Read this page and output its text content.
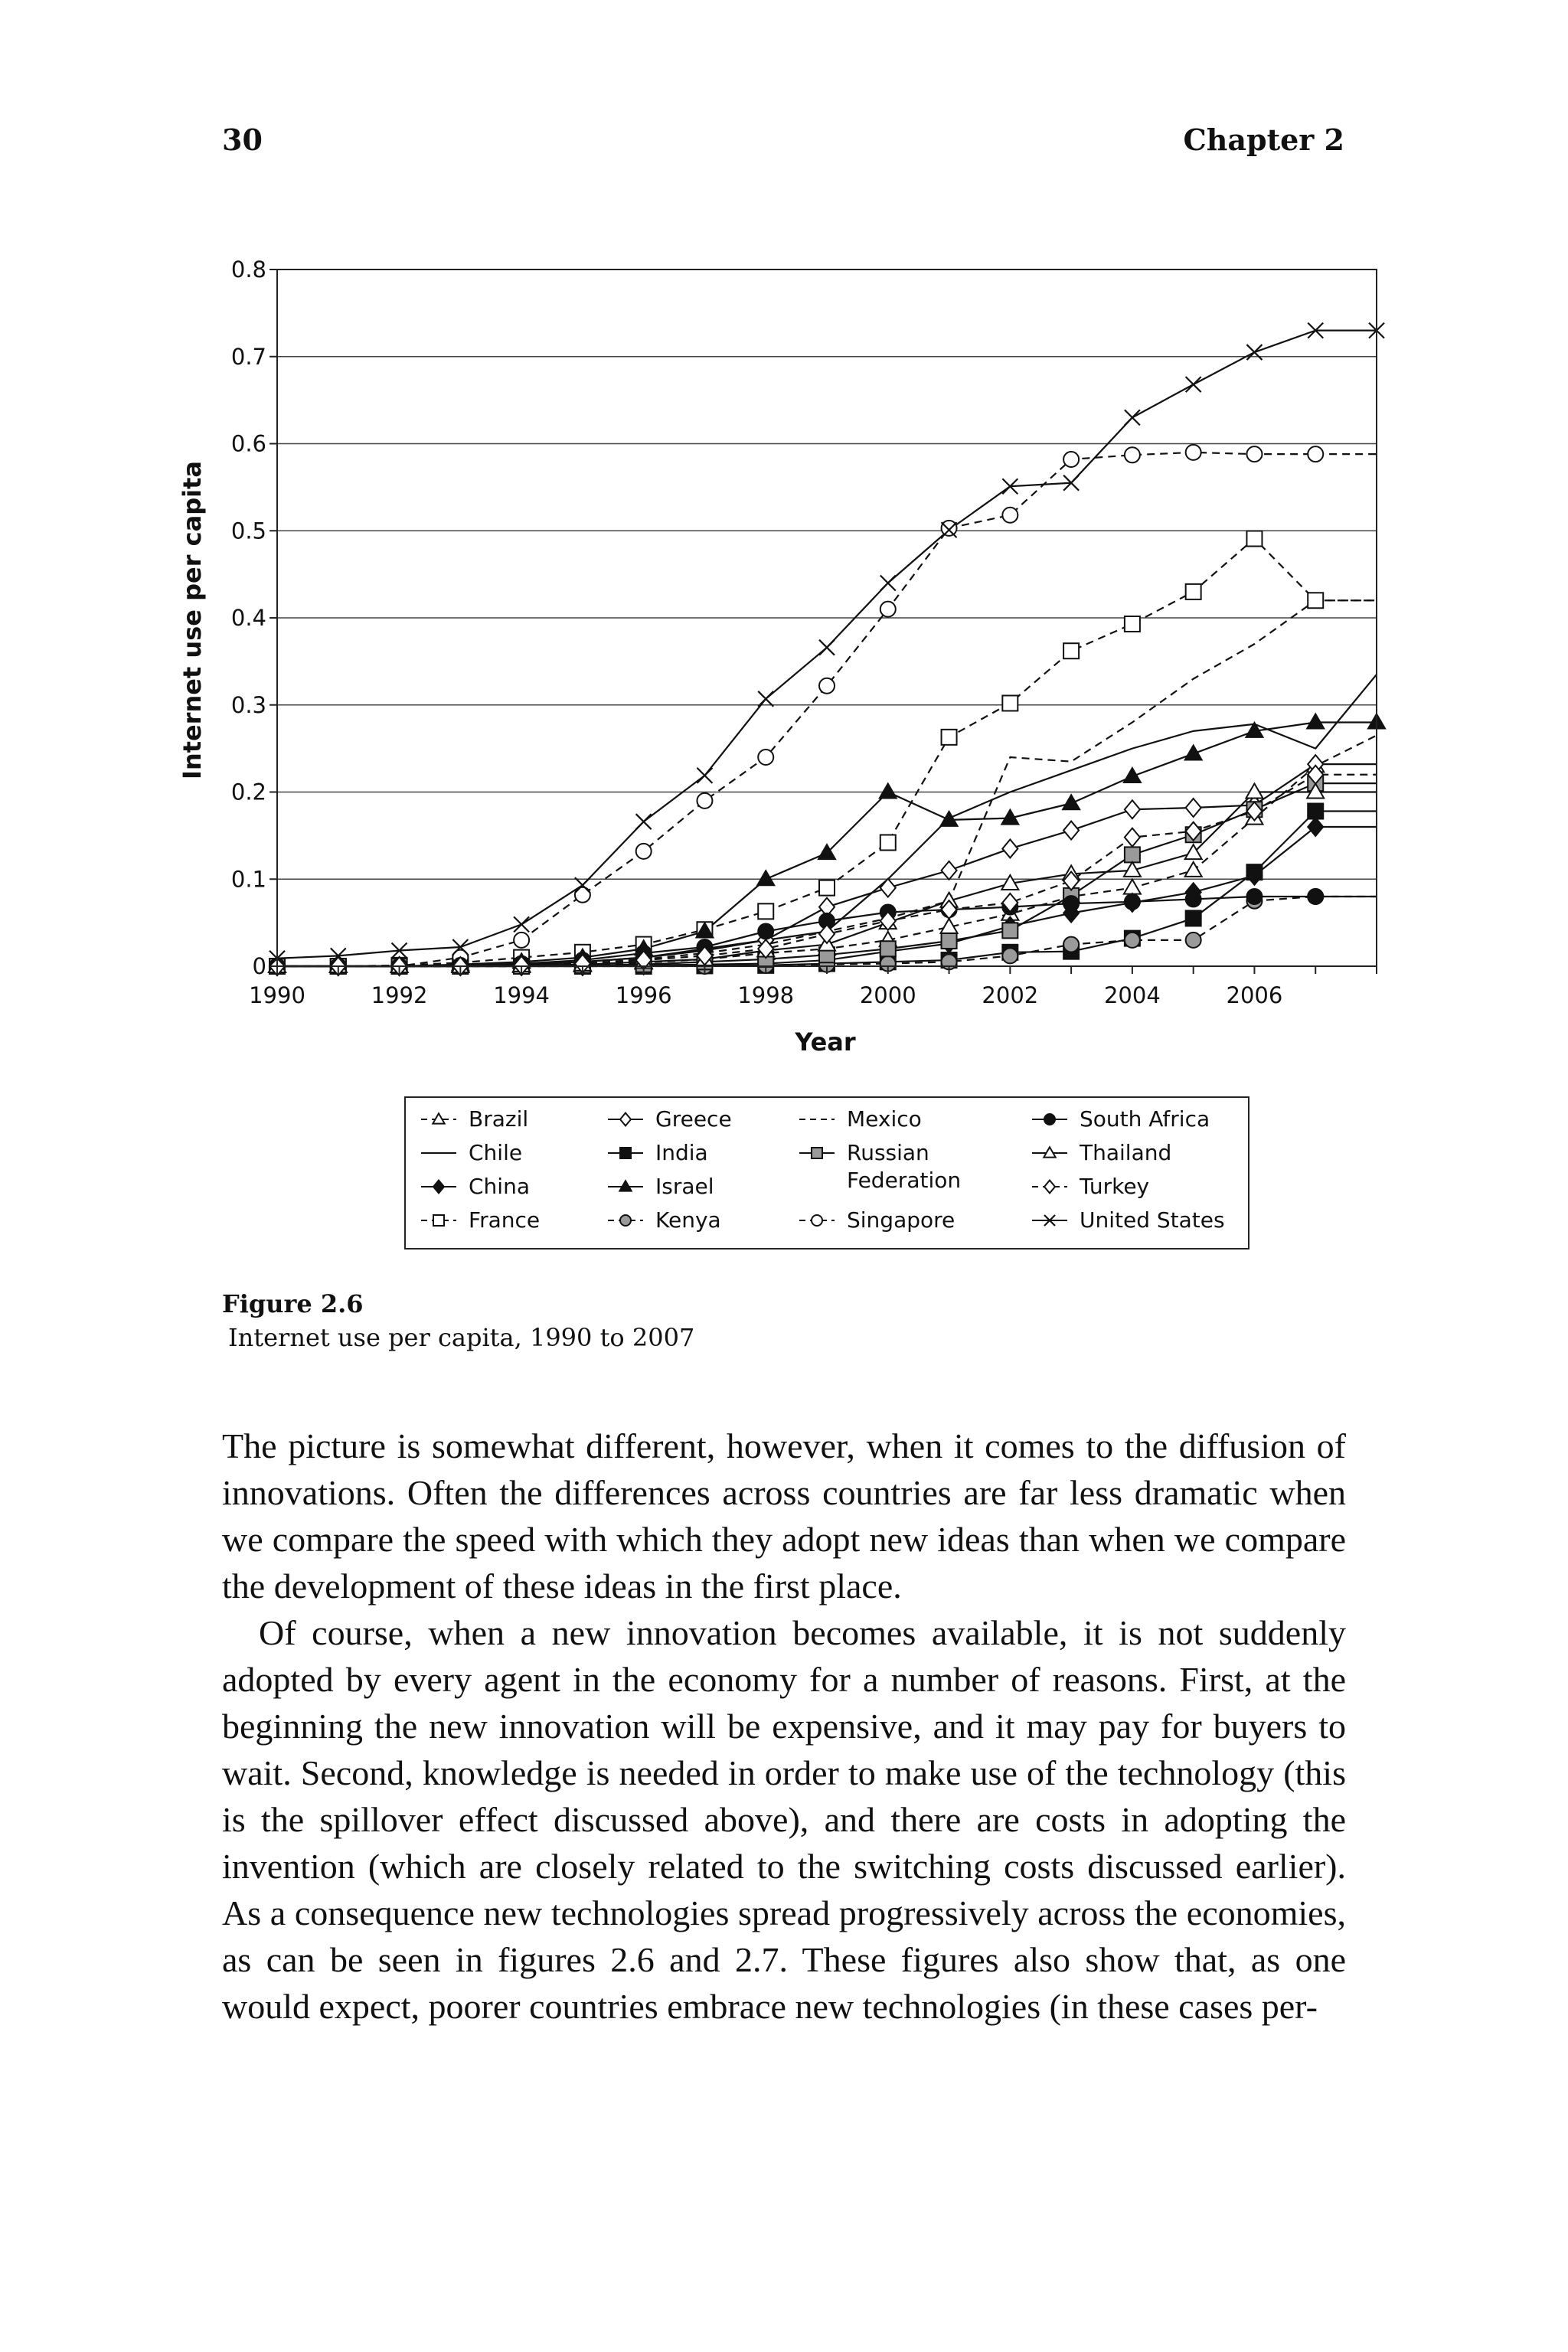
30	Chapter 2
0
0.1
0.2
0.3
0.4
0.5
0.6
0.7
0.8
1990	1992	1994	1996	1998	2000	2002	2004	2006
Internet use per capita
Year
Brazil
Chile
China
France
Greece
India
Israel
Kenya
Mexico
Russian
Federation
Singapore
South Africa
Thailand
Turkey
United States
Figure 2.6
Internet use per capita, 1990 to 2007

The picture is somewhat different, however, when it comes to the diffusion of innovations. Often the differences across countries are far less dramatic when we compare the speed with which they adopt new ideas than when we compare the development of these ideas in the first place.

Of course, when a new innovation becomes available, it is not suddenly adopted by every agent in the economy for a number of reasons. First, at the beginning the new innovation will be expensive, and it may pay for buyers to wait. Second, knowledge is needed in order to make use of the technology (this is the spillover effect discussed above), and there are costs in adopting the invention (which are closely related to the switching costs discussed earlier). As a consequence new technologies spread progressively across the economies, as can be seen in figures 2.6 and 2.7. These figures also show that, as one would expect, poorer countries embrace new technologies (in these cases per-
